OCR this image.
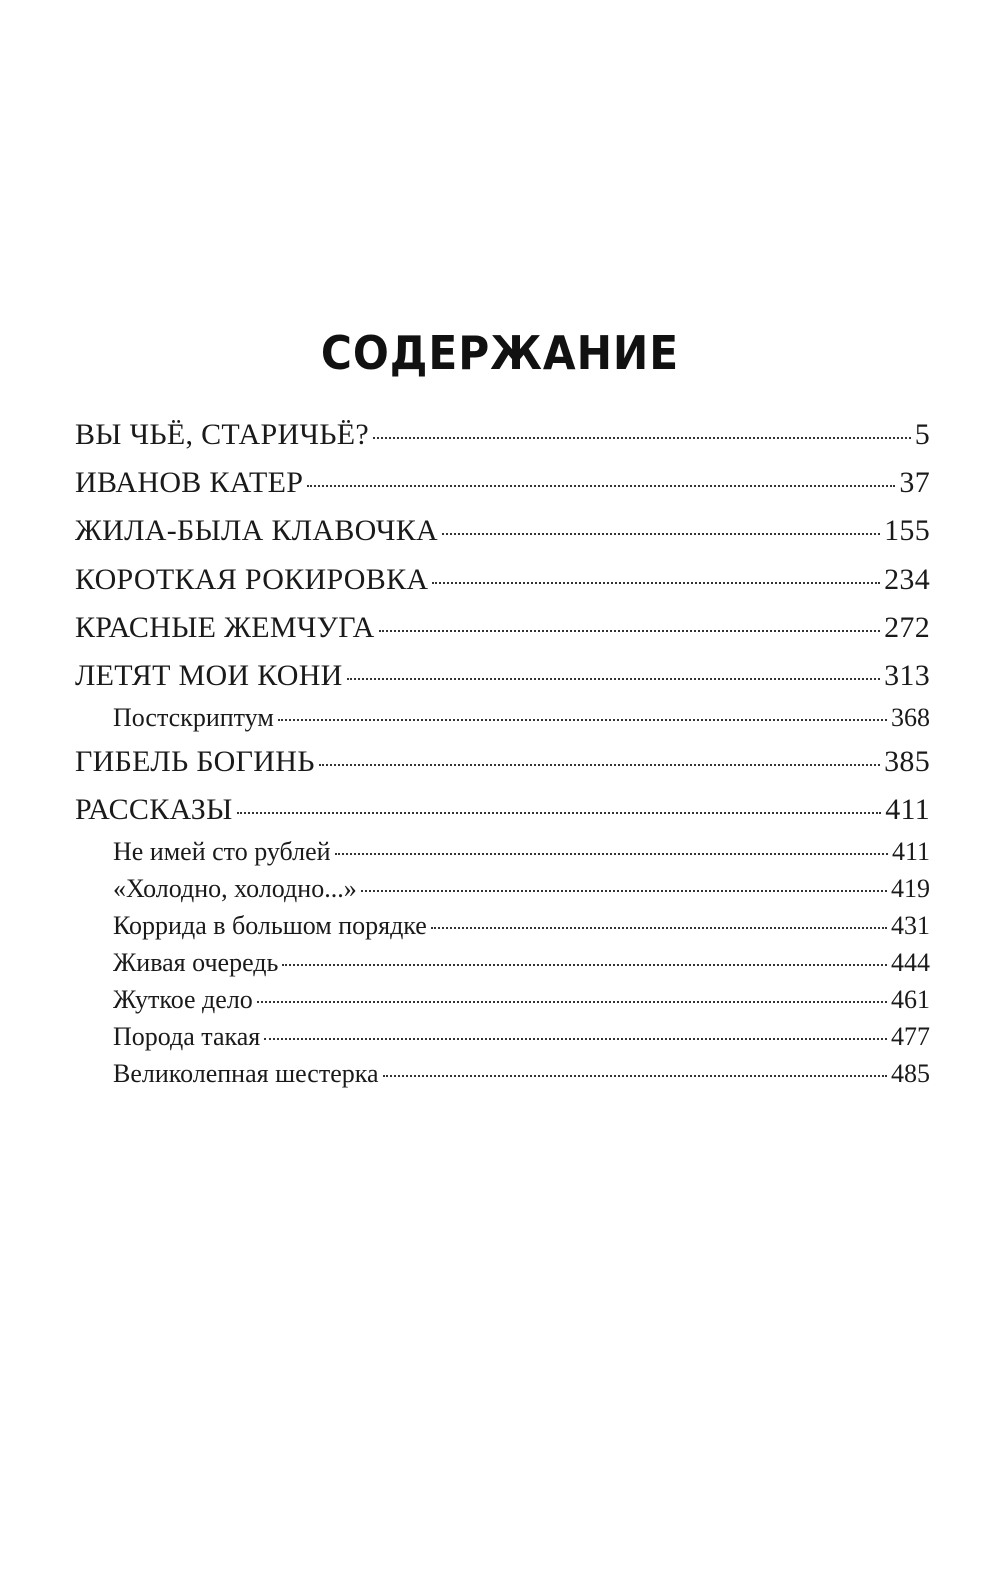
СОДЕРЖАНИЕ
ВЫ ЧЬЁ, СТАРИЧЬЁ?	5
ИВАНОВ КАТЕР	37
ЖИЛА-БЫЛА КЛАВОЧКА	155
КОРОТКАЯ РОКИРОВКА	234
КРАСНЫЕ ЖЕМЧУГА	272
ЛЕТЯТ МОИ КОНИ	313
Постскриптум	368
ГИБЕЛЬ БОГИНЬ	385
РАССКАЗЫ	411
Не имей сто рублей	411
«Холодно, холодно...»	419
Коррида в большом порядке	431
Живая очередь	444
Жуткое дело	461
Порода такая	477
Великолепная шестерка	485
